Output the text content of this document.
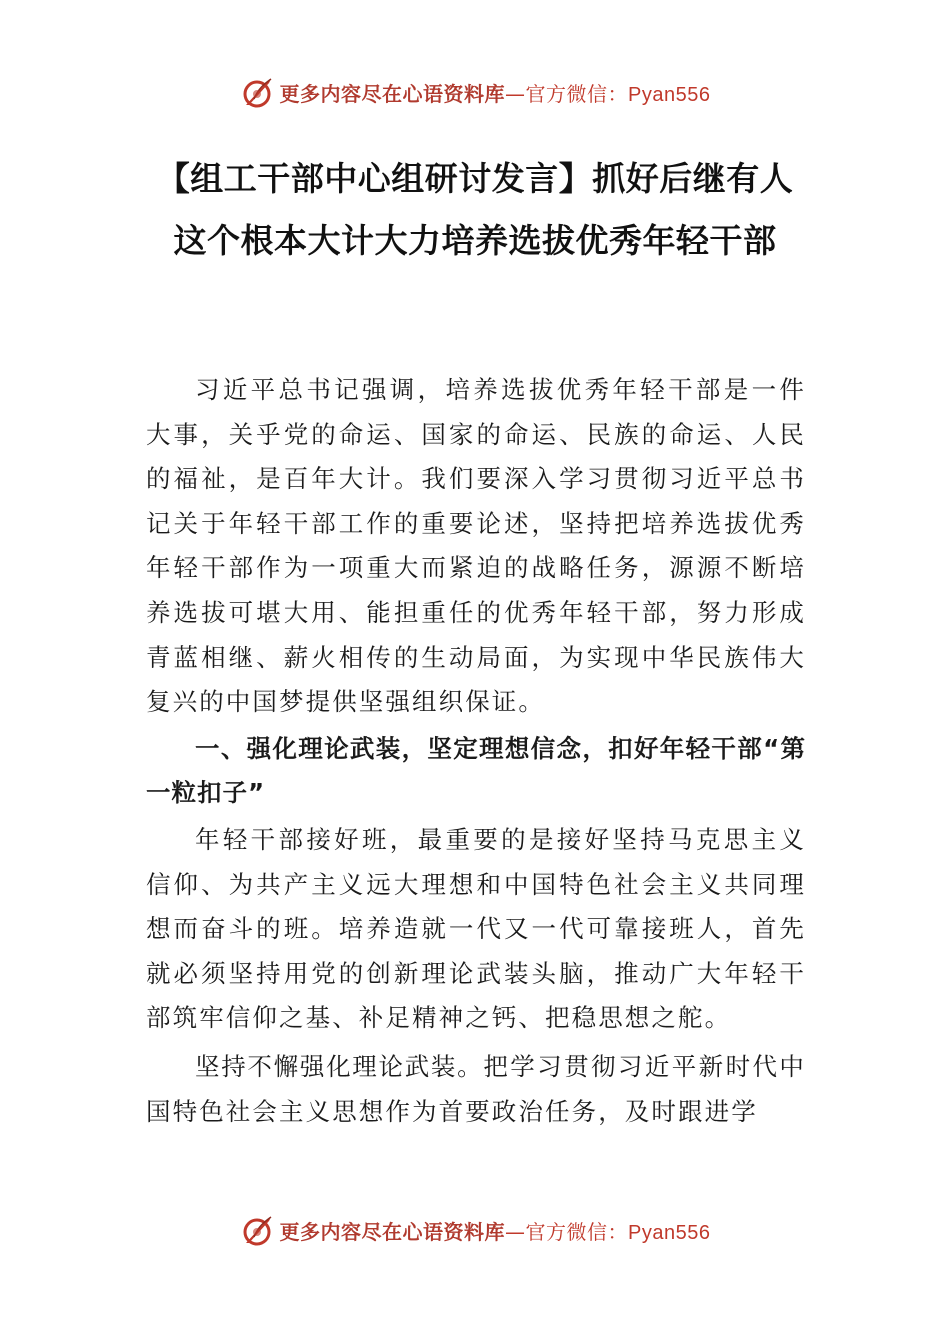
更多内容尽在心语资料库—官方微信：Pyan556
【组工干部中心组研讨发言】抓好后继有人
这个根本大计大力培养选拔优秀年轻干部

习近平总书记强调，培养选拔优秀年轻干部是一件大事，关乎党的命运、国家的命运、民族的命运、人民的福祉，是百年大计。我们要深入学习贯彻习近平总书记关于年轻干部工作的重要论述，坚持把培养选拔优秀年轻干部作为一项重大而紧迫的战略任务，源源不断培养选拔可堪大用、能担重任的优秀年轻干部，努力形成青蓝相继、薪火相传的生动局面，为实现中华民族伟大复兴的中国梦提供坚强组织保证。

一、强化理论武装，坚定理想信念，扣好年轻干部“第一粒扣子”

年轻干部接好班，最重要的是接好坚持马克思主义信仰、为共产主义远大理想和中国特色社会主义共同理想而奋斗的班。培养造就一代又一代可靠接班人，首先就必须坚持用党的创新理论武装头脑，推动广大年轻干部筑牢信仰之基、补足精神之钙、把稳思想之舵。

坚持不懈强化理论武装。把学习贯彻习近平新时代中国特色社会主义思想作为首要政治任务，及时跟进学

更多内容尽在心语资料库—官方微信：Pyan556
